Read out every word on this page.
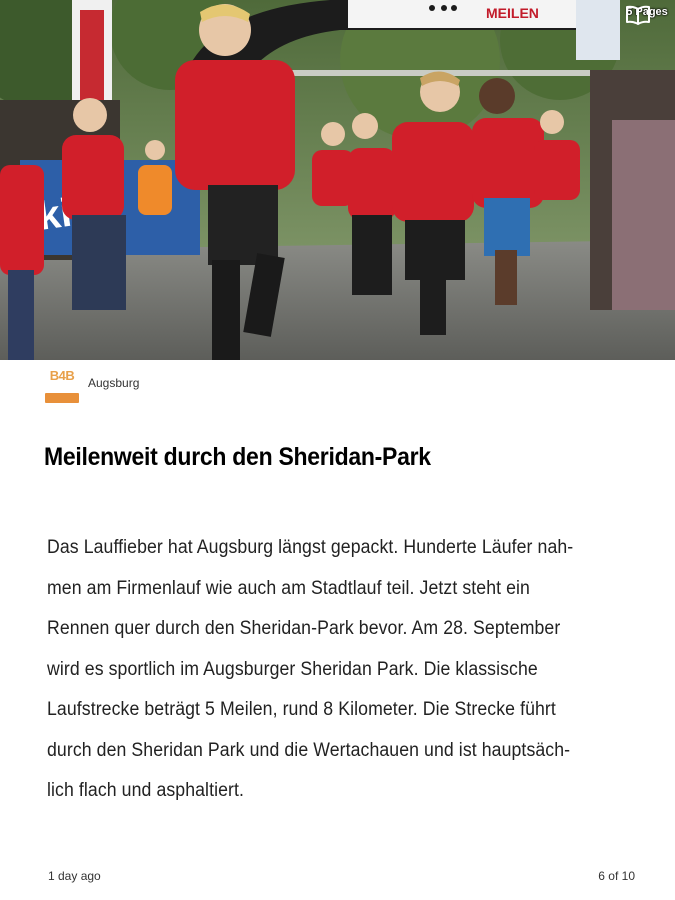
MEILEN	5 Pages
B4B	Augsburg
Meilenweit durch den Sheridan-Park
Das Lauffieber hat Augsburg längst gepackt. Hunderte Läufer nah-
men am Firmenlauf wie auch am Stadtlauf teil. Jetzt steht ein
Rennen quer durch den Sheridan-Park bevor. Am 28. September
wird es sportlich im Augsburger Sheridan Park. Die klassische
Laufstrecke beträgt 5 Meilen, rund 8 Kilometer. Die Strecke führt
durch den Sheridan Park und die Wertachauen und ist hauptsäch-
lich flach und asphaltiert.
1 day ago	6 of 10
